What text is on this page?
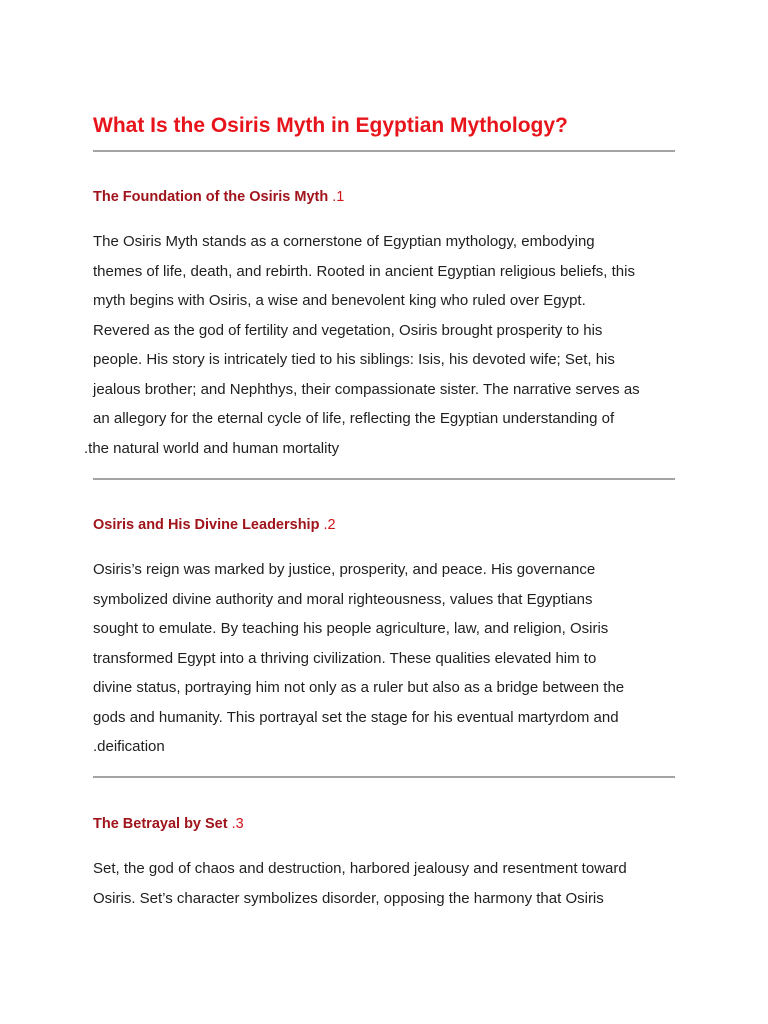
What Is the Osiris Myth in Egyptian Mythology?
The Foundation of the Osiris Myth .1
The Osiris Myth stands as a cornerstone of Egyptian mythology, embodying
themes of life, death, and rebirth. Rooted in ancient Egyptian religious beliefs, this
myth begins with Osiris, a wise and benevolent king who ruled over Egypt.
Revered as the god of fertility and vegetation, Osiris brought prosperity to his
people. His story is intricately tied to his siblings: Isis, his devoted wife; Set, his
jealous brother; and Nephthys, their compassionate sister. The narrative serves as
an allegory for the eternal cycle of life, reflecting the Egyptian understanding of
.the natural world and human mortality
Osiris and His Divine Leadership .2
Osiris’s reign was marked by justice, prosperity, and peace. His governance
symbolized divine authority and moral righteousness, values that Egyptians
sought to emulate. By teaching his people agriculture, law, and religion, Osiris
transformed Egypt into a thriving civilization. These qualities elevated him to
divine status, portraying him not only as a ruler but also as a bridge between the
gods and humanity. This portrayal set the stage for his eventual martyrdom and
.deification
The Betrayal by Set .3
Set, the god of chaos and destruction, harbored jealousy and resentment toward
Osiris. Set’s character symbolizes disorder, opposing the harmony that Osiris
